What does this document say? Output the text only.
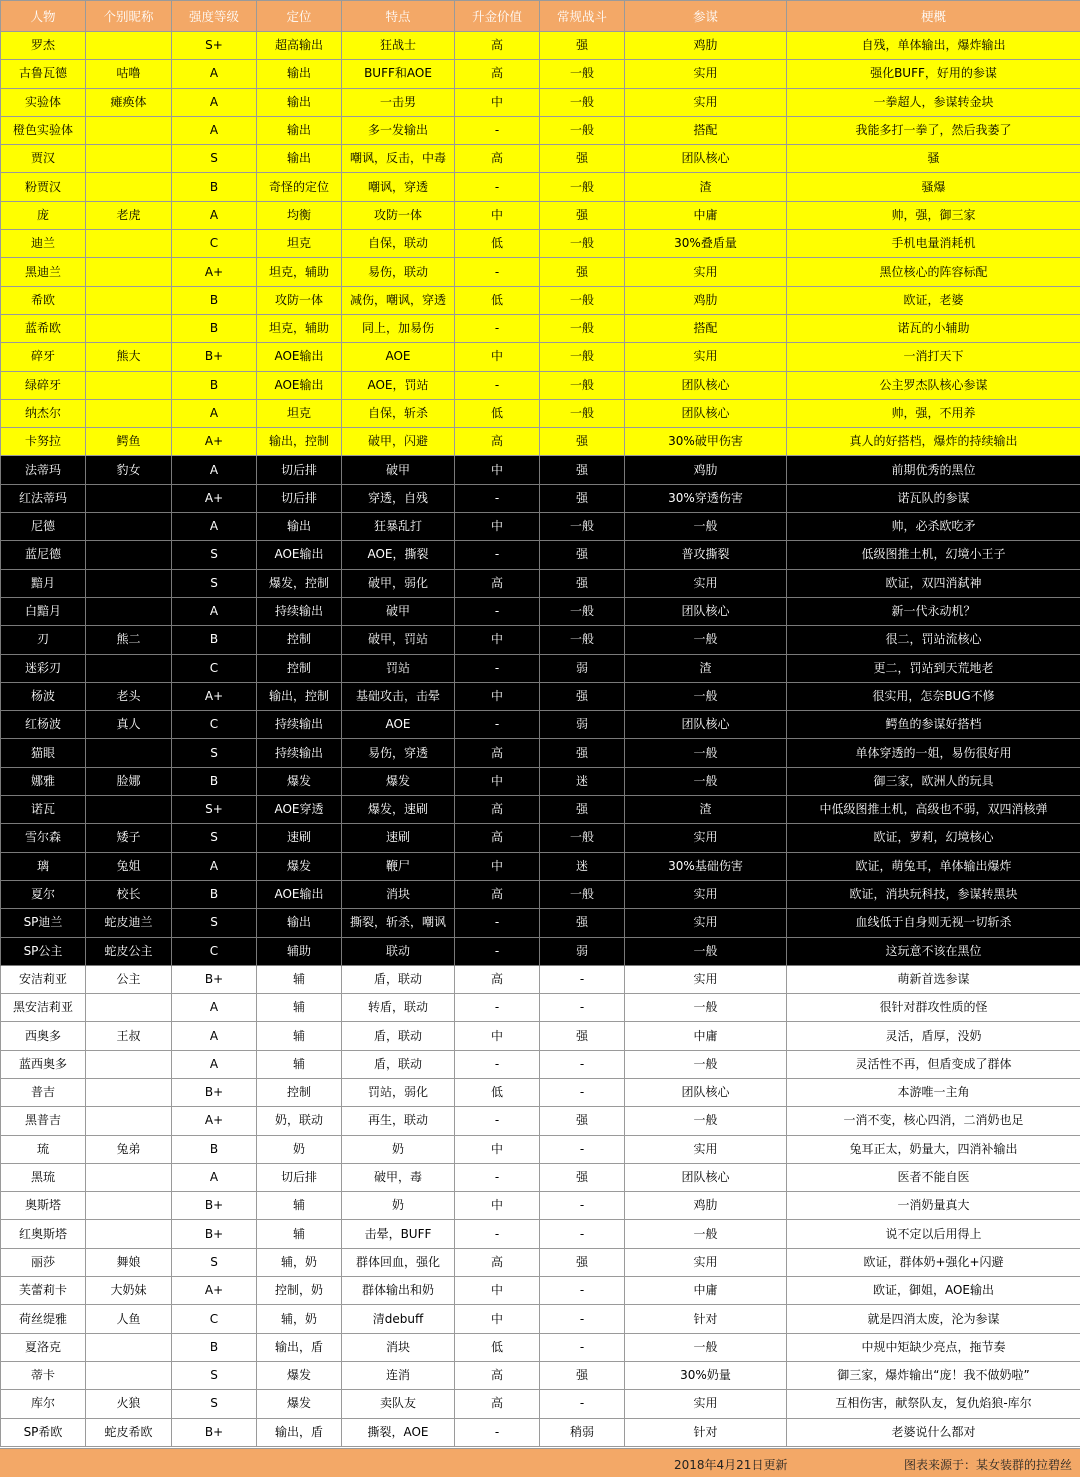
人物	个别昵称	强度等级	定位	特点	升金价值	常规战斗	参谋	梗概
罗杰		S+	超高输出	狂战士	高	强	鸡肋	自残，单体输出，爆炸输出
古鲁瓦德	咕噜	A	输出	BUFF和AOE	高	一般	实用	强化BUFF，好用的参谋
实验体	瘫痪体	A	输出	一击男	中	一般	实用	一拳超人，参谋转金块
橙色实验体		A	输出	多一发输出	-	一般	搭配	我能多打一拳了，然后我萎了
贾汉		S	输出	嘲讽，反击，中毒	高	强	团队核心	骚
粉贾汉		B	奇怪的定位	嘲讽，穿透	-	一般	渣	骚爆
庞	老虎	A	均衡	攻防一体	中	强	中庸	帅，强，御三家
迪兰		C	坦克	自保，联动	低	一般	30%叠盾量	手机电量消耗机
黑迪兰		A+	坦克，辅助	易伤，联动	-	强	实用	黑位核心的阵容标配
希欧		B	攻防一体	减伤，嘲讽，穿透	低	一般	鸡肋	欧证，老婆
蓝希欧		B	坦克，辅助	同上，加易伤	-	一般	搭配	诺瓦的小辅助
碎牙	熊大	B+	AOE输出	AOE	中	一般	实用	一消打天下
绿碎牙		B	AOE输出	AOE，罚站	-	一般	团队核心	公主罗杰队核心参谋
纳杰尔		A	坦克	自保，斩杀	低	一般	团队核心	帅，强，不用养
卡努拉	鳄鱼	A+	输出，控制	破甲，闪避	高	强	30%破甲伤害	真人的好搭档，爆炸的持续输出
法蒂玛	豹女	A	切后排	破甲	中	强	鸡肋	前期优秀的黑位
红法蒂玛		A+	切后排	穿透，自残	-	强	30%穿透伤害	诺瓦队的参谋
尼德		A	输出	狂暴乱打	中	一般	一般	帅，必杀欧吃矛
蓝尼德		S	AOE输出	AOE，撕裂	-	强	普攻撕裂	低级图推土机，幻境小王子
黯月		S	爆发，控制	破甲，弱化	高	强	实用	欧证，双四消弑神
白黯月		A	持续输出	破甲	-	一般	团队核心	新一代永动机？
刃	熊二	B	控制	破甲，罚站	中	一般	一般	很二，罚站流核心
迷彩刃		C	控制	罚站	-	弱	渣	更二，罚站到天荒地老
杨波	老头	A+	输出，控制	基础攻击，击晕	中	强	一般	很实用，怎奈BUG不修
红杨波	真人	C	持续输出	AOE	-	弱	团队核心	鳄鱼的参谋好搭档
猫眼		S	持续输出	易伤，穿透	高	强	一般	单体穿透的一姐，易伤很好用
娜雅	脸娜	B	爆发	爆发	中	迷	一般	御三家，欧洲人的玩具
诺瓦		S+	AOE穿透	爆发，速刷	高	强	渣	中低级图推土机，高级也不弱，双四消核弹
雪尔森	矮子	S	速刷	速刷	高	一般	实用	欧证，萝莉，幻境核心
璃	兔姐	A	爆发	鞭尸	中	迷	30%基础伤害	欧证，萌兔耳，单体输出爆炸
夏尔	校长	B	AOE输出	消块	高	一般	实用	欧证，消块玩科技，参谋转黑块
SP迪兰	蛇皮迪兰	S	输出	撕裂，斩杀，嘲讽	-	强	实用	血线低于自身则无视一切斩杀
SP公主	蛇皮公主	C	辅助	联动	-	弱	一般	这玩意不该在黑位
安洁莉亚	公主	B+	辅	盾，联动	高	-	实用	萌新首选参谋
黑安洁莉亚		A	辅	转盾，联动	-	-	一般	很针对群攻性质的怪
西奥多	王叔	A	辅	盾，联动	中	强	中庸	灵活，盾厚，没奶
蓝西奥多		A	辅	盾，联动	-	-	一般	灵活性不再，但盾变成了群体
普吉		B+	控制	罚站，弱化	低	-	团队核心	本游唯一主角
黑普吉		A+	奶，联动	再生，联动	-	强	一般	一消不变，核心四消，二消奶也足
琉	兔弟	B	奶	奶	中	-	实用	兔耳正太，奶量大，四消补输出
黑琉		A	切后排	破甲，毒	-	强	团队核心	医者不能自医
奥斯塔		B+	辅	奶	中	-	鸡肋	一消奶量真大
红奥斯塔		B+	辅	击晕，BUFF	-	-	一般	说不定以后用得上
丽莎	舞娘	S	辅，奶	群体回血，强化	高	强	实用	欧证，群体奶+强化+闪避
芙蕾莉卡	大奶妹	A+	控制，奶	群体输出和奶	中	-	中庸	欧证，御姐，AOE输出
荷丝缇雅	人鱼	C	辅，奶	清debuff	中	-	针对	就是四消太废，沦为参谋
夏洛克		B	输出，盾	消块	低	-	一般	中规中矩缺少亮点，拖节奏
蒂卡		S	爆发	连消	高	强	30%奶量	御三家，爆炸输出“庞！我不做奶啦”
库尔	火狼	S	爆发	卖队友	高	-	实用	互相伤害，献祭队友，复仇焰狼-库尔
SP希欧	蛇皮希欧	B+	输出，盾	撕裂，AOE	-	稍弱	针对	老婆说什么都对
2018年4月21日更新	图表来源于：某女装群的拉碧丝
